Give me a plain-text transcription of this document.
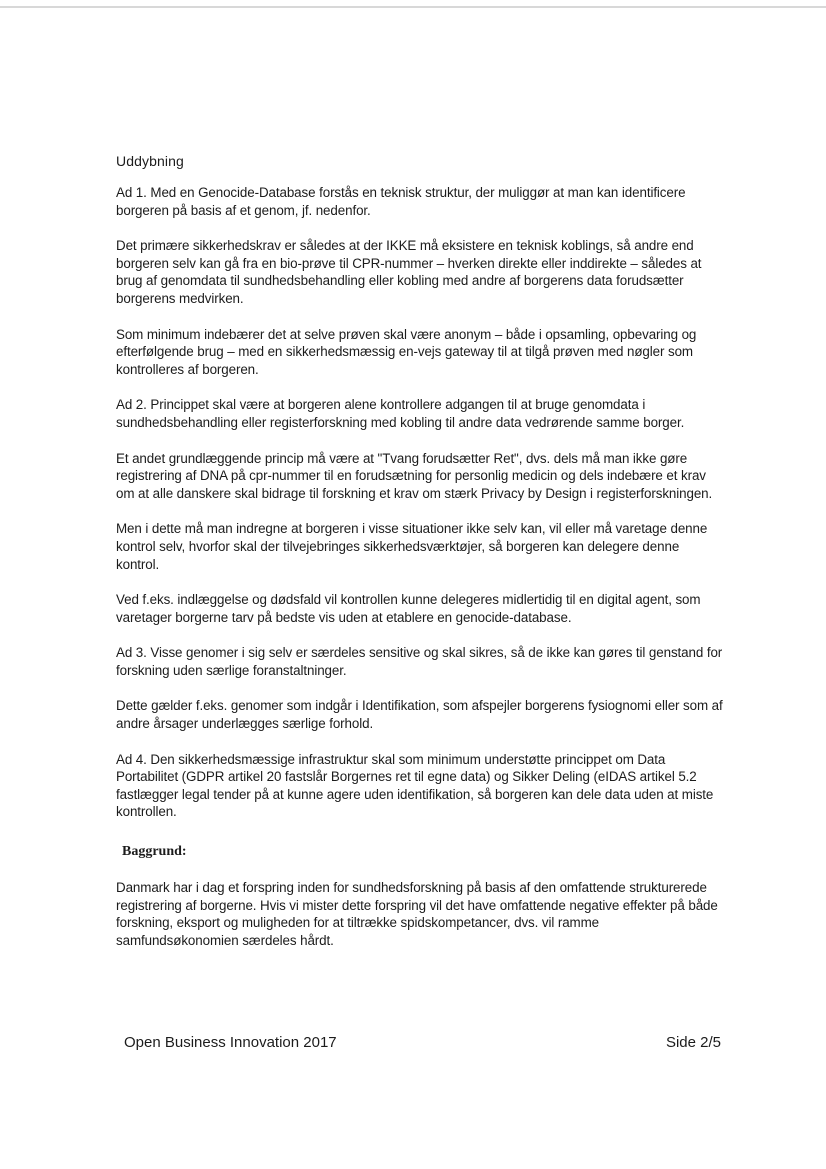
Uddybning

Ad 1. Med en Genocide-Database forstås en teknisk struktur, der muliggør at man kan identificere borgeren på basis af et genom, jf. nedenfor.

Det primære sikkerhedskrav er således at der IKKE må eksistere en teknisk koblings, så andre end borgeren selv kan gå fra en bio-prøve til CPR-nummer – hverken direkte eller inddirekte – således at brug af genomdata til sundhedsbehandling eller kobling med andre af borgerens data forudsætter borgerens medvirken.

Som minimum indebærer det at selve prøven skal være anonym – både i opsamling, opbevaring og efterfølgende brug – med en sikkerhedsmæssig en-vejs gateway til at tilgå prøven med nøgler som kontrolleres af borgeren.

Ad 2. Princippet skal være at borgeren alene kontrollere adgangen til at bruge genomdata i sundhedsbehandling eller registerforskning med kobling til andre data vedrørende samme borger.

Et andet grundlæggende princip må være at "Tvang forudsætter Ret", dvs. dels må man ikke gøre registrering af DNA på cpr-nummer til en forudsætning for personlig medicin og dels indebære et krav om at alle danskere skal bidrage til forskning et krav om stærk Privacy by Design i registerforskningen.

Men i dette må man indregne at borgeren i visse situationer ikke selv kan, vil eller må varetage denne kontrol selv, hvorfor skal der tilvejebringes sikkerhedsværktøjer, så borgeren kan delegere denne kontrol.

Ved f.eks. indlæggelse og dødsfald vil kontrollen kunne delegeres midlertidig til en digital agent, som varetager borgerne tarv på bedste vis uden at etablere en genocide-database.

Ad 3. Visse genomer i sig selv er særdeles sensitive og skal sikres, så de ikke kan gøres til genstand for forskning uden særlige foranstaltninger.

Dette gælder f.eks. genomer som indgår i Identifikation, som afspejler borgerens fysiognomi eller som af andre årsager underlægges særlige forhold.

Ad 4. Den sikkerhedsmæssige infrastruktur skal som minimum understøtte princippet om Data Portabilitet (GDPR artikel 20 fastslår Borgernes ret til egne data) og Sikker Deling (eIDAS artikel 5.2 fastlægger legal tender på at kunne agere uden identifikation, så borgeren kan dele data uden at miste kontrollen.

Baggrund:

Danmark har i dag et forspring inden for sundhedsforskning på basis af den omfattende strukturerede registrering af borgerne. Hvis vi mister dette forspring vil det have omfattende negative effekter på både forskning, eksport og muligheden for at tiltrække spidskompetancer, dvs. vil ramme samfundsøkonomien særdeles hårdt.

Open Business Innovation 2017	Side 2/5
